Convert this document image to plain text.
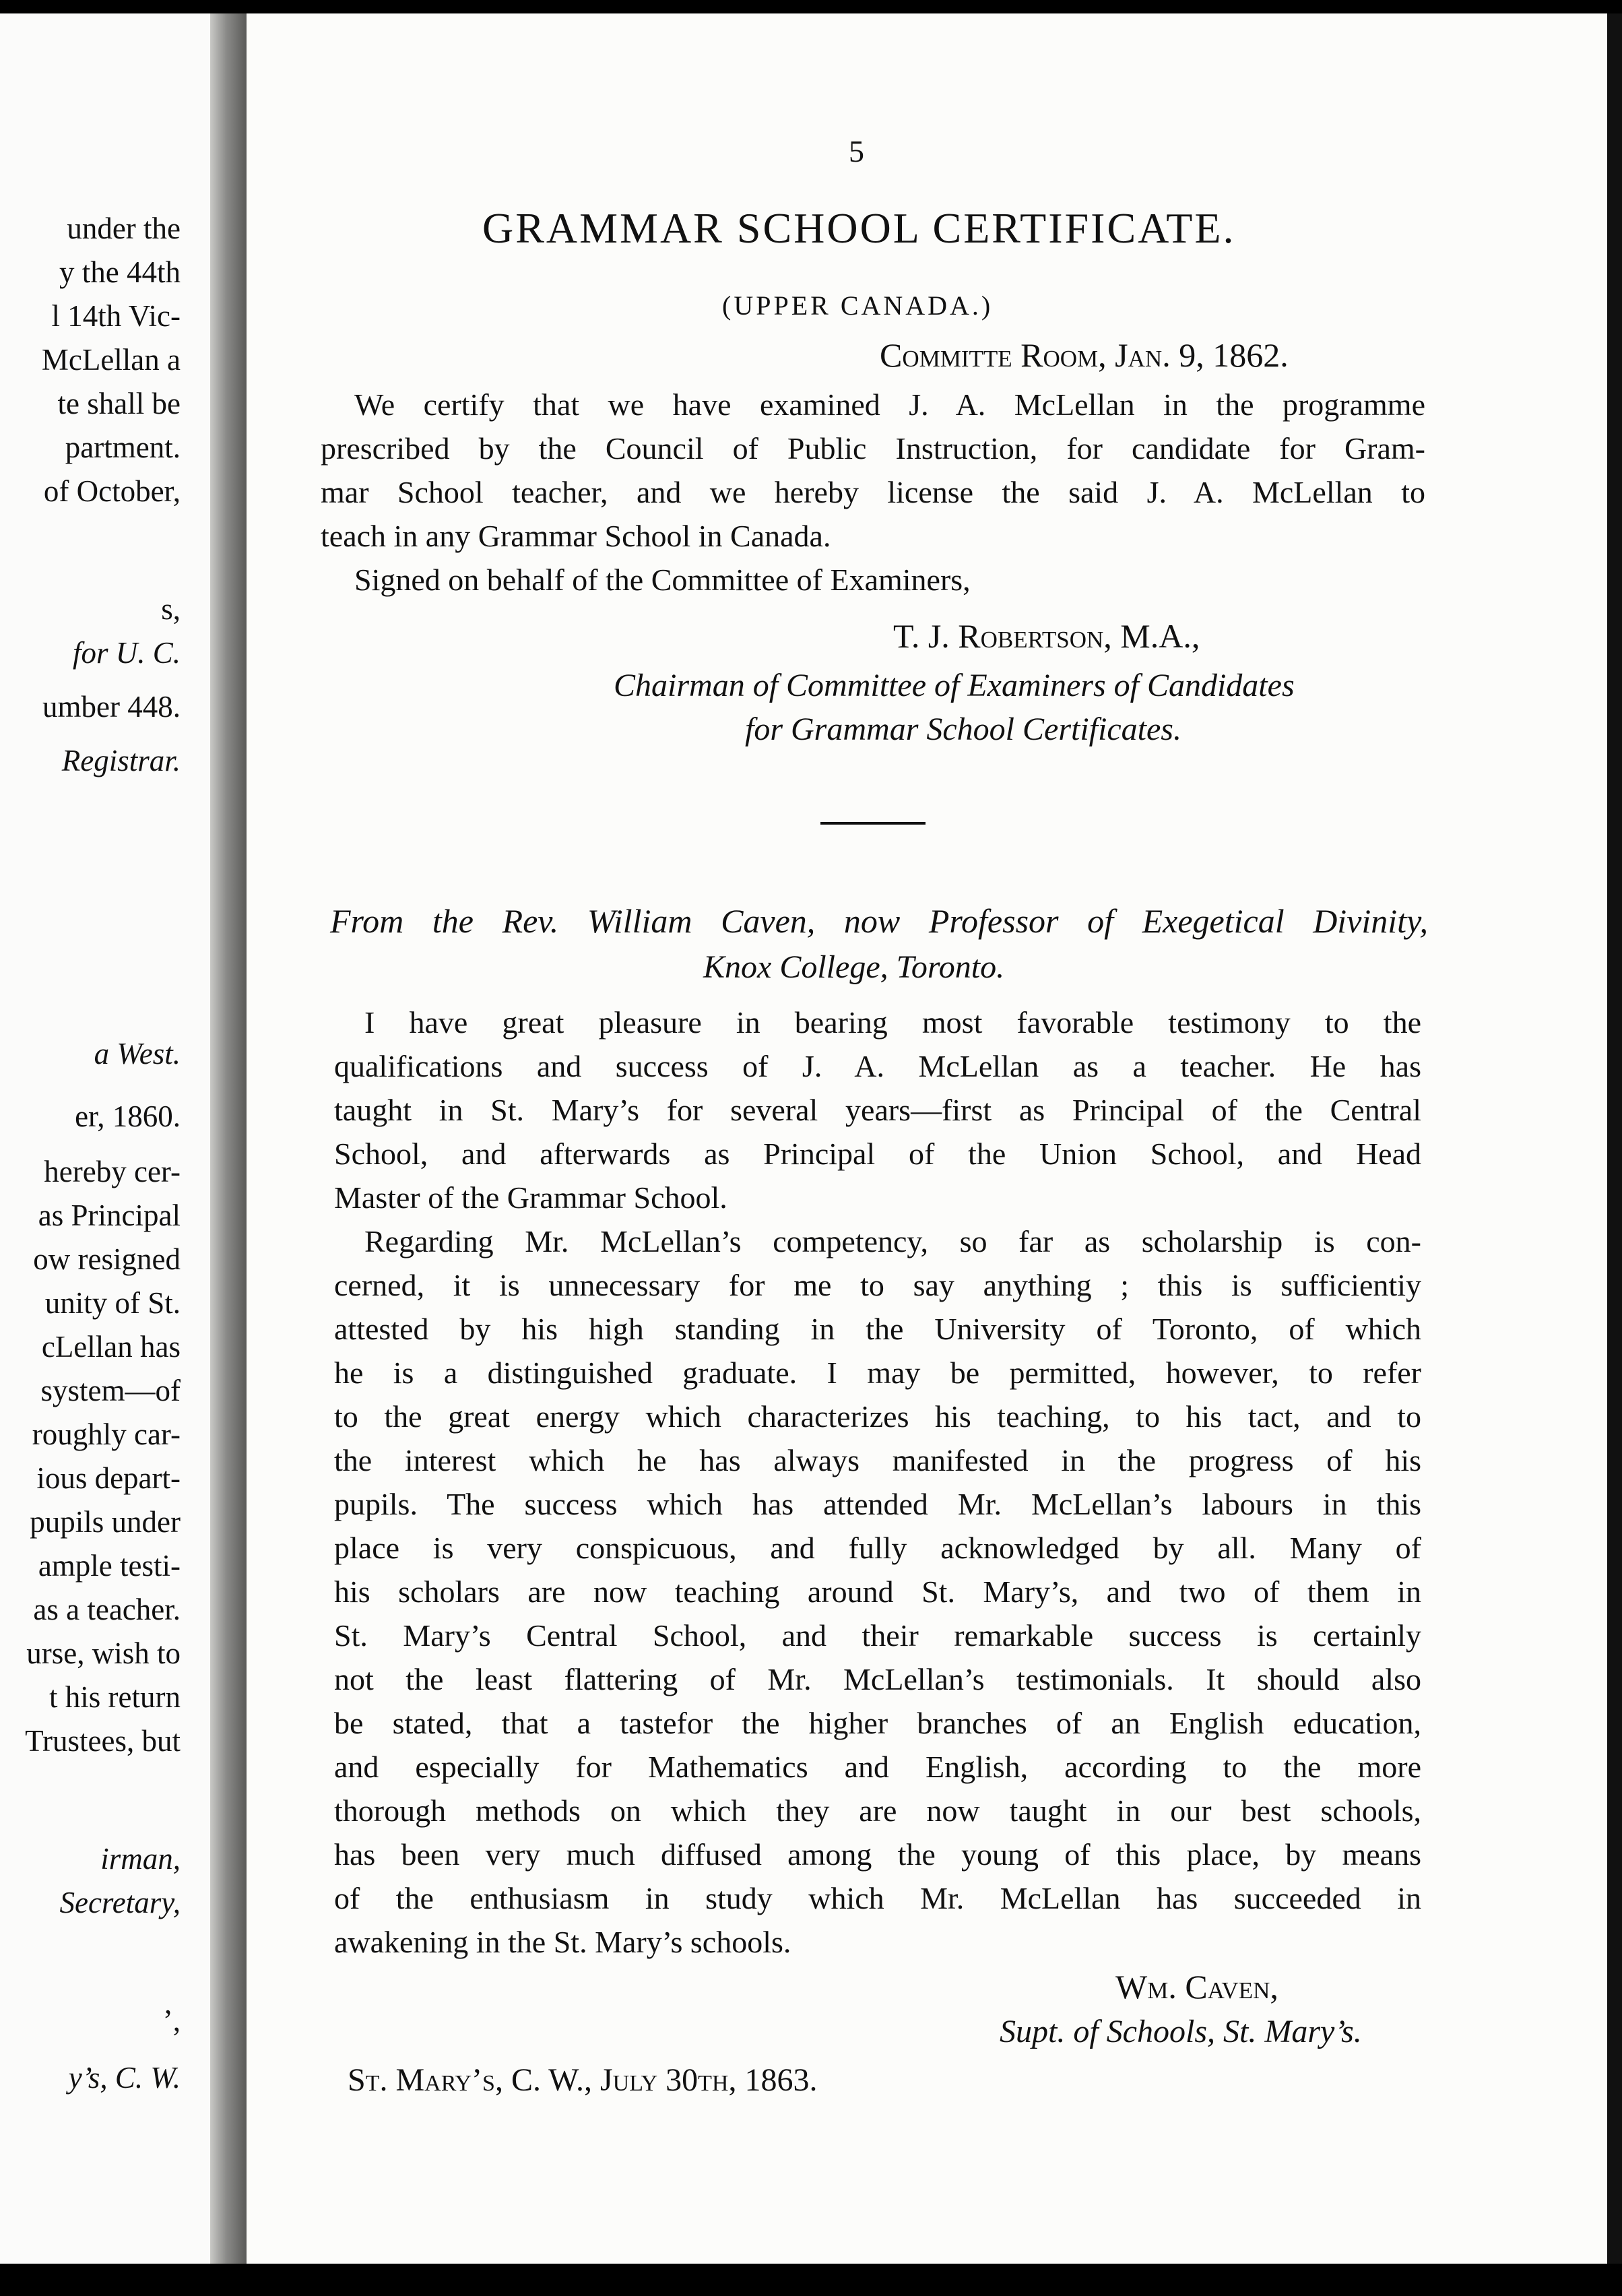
under the

y the 44th

l 14th Vic-

McLellan a

te shall be

partment.

of October,

s,

for U. C.

umber 448.

Registrar.

a West.

er, 1860.

hereby cer-

as Principal

ow resigned

unity of St.

cLellan has

system—of

roughly car-

ious depart-

pupils under

ample testi-

as a teacher.

urse, wish to

t his return

Trustees, but

irman,

Secretary,

’,

y’s, C. W.

5

GRAMMAR SCHOOL CERTIFICATE.

(UPPER CANADA.)

Committe Room, Jan. 9, 1862.

We certify that we have examined J. A. McLellan in the programme

prescribed by the Council of Public Instruction, for candidate for Gram-

mar School teacher, and we hereby license the said J. A. McLellan to

teach in any Grammar School in Canada.

Signed on behalf of the Committee of Examiners,

T. J. Robertson, M.A.,

Chairman of Committee of Examiners of Candidates

for Grammar School Certificates.

From the Rev. William Caven, now Professor of Exegetical Divinity,

Knox College, Toronto.

I have great pleasure in bearing most favorable testimony to the

qualifications and success of J. A. McLellan as a teacher. He has

taught in St. Mary’s for several years—first as Principal of the Central

School, and afterwards as Principal of the Union School, and Head

Master of the Grammar School.

Regarding Mr. McLellan’s competency, so far as scholarship is con-

cerned, it is unnecessary for me to say anything ; this is sufficientiy

attested by his high standing in the University of Toronto, of which

he is a distinguished graduate. I may be permitted, however, to refer

to the great energy which characterizes his teaching, to his tact, and to

the interest which he has always manifested in the progress of his

pupils. The success which has attended Mr. McLellan’s labours in this

place is very conspicuous, and fully acknowledged by all. Many of

his scholars are now teaching around St. Mary’s, and two of them in

St. Mary’s Central School, and their remarkable success is certainly

not the least flattering of Mr. McLellan’s testimonials. It should also

be stated, that a tastefor the higher branches of an English education,

and especially for Mathematics and English, according to the more

thorough methods on which they are now taught in our best schools,

has been very much diffused among the young of this place, by means

of the enthusiasm in study which Mr. McLellan has succeeded in

awakening in the St. Mary’s schools.

Wm. Caven,

Supt. of Schools, St. Mary’s.

St. Mary’s, C. W., July 30th, 1863.
